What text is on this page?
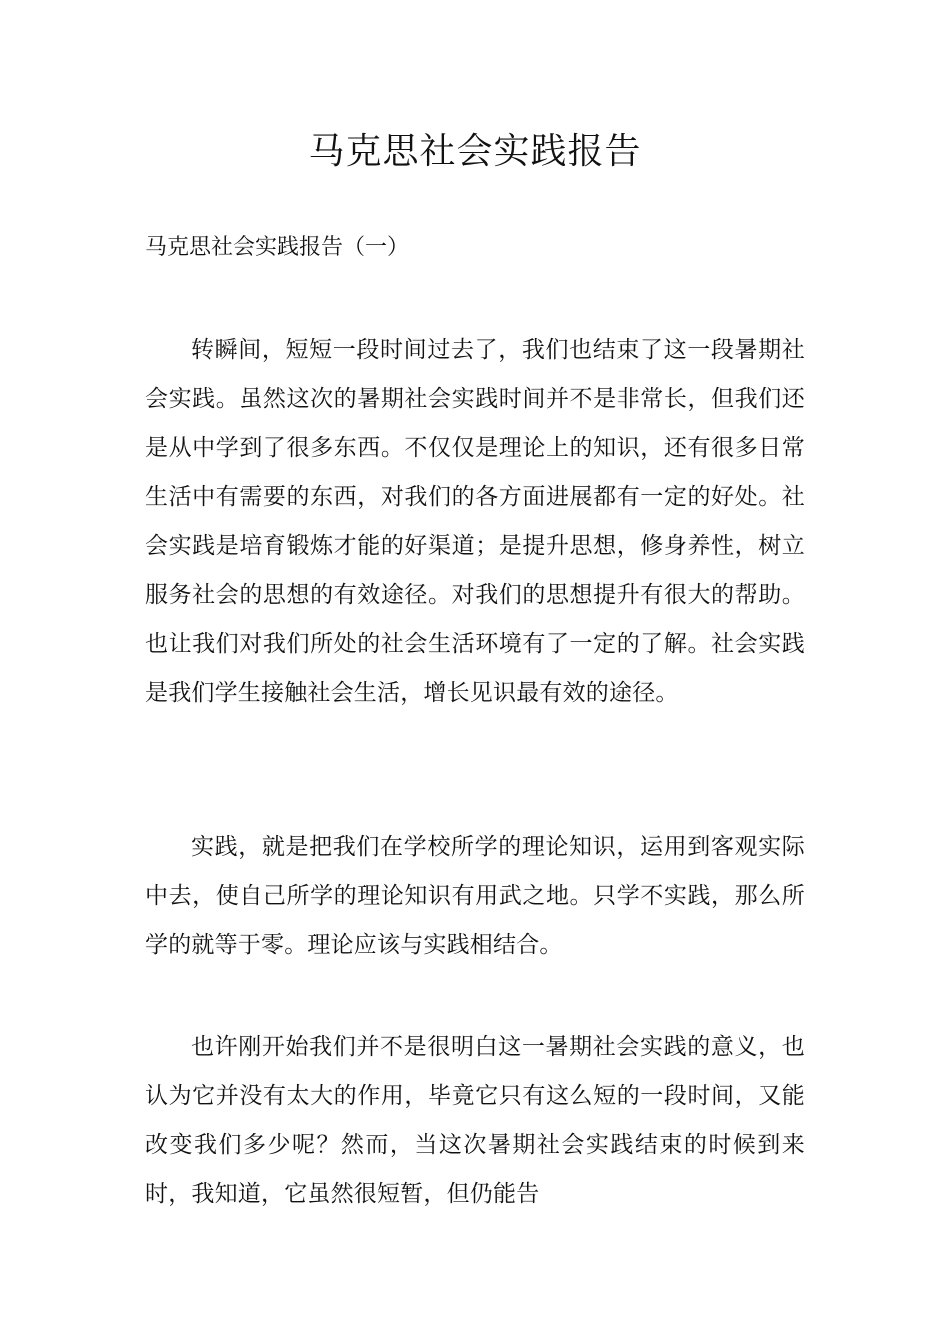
马克思社会实践报告

马克思社会实践报告（一）

转瞬间，短短一段时间过去了，我们也结束了这一段暑期社会实践。虽然这次的暑期社会实践时间并不是非常长，但我们还是从中学到了很多东西。不仅仅是理论上的知识，还有很多日常生活中有需要的东西，对我们的各方面进展都有一定的好处。社会实践是培育锻炼才能的好渠道；是提升思想，修身养性，树立服务社会的思想的有效途径。对我们的思想提升有很大的帮助。也让我们对我们所处的社会生活环境有了一定的了解。社会实践是我们学生接触社会生活，增长见识最有效的途径。

实践，就是把我们在学校所学的理论知识，运用到客观实际中去，使自己所学的理论知识有用武之地。只学不实践，那么所学的就等于零。理论应该与实践相结合。

也许刚开始我们并不是很明白这一暑期社会实践的意义，也认为它并没有太大的作用，毕竟它只有这么短的一段时间，又能改变我们多少呢？然而，当这次暑期社会实践结束的时候到来时，我知道，它虽然很短暂，但仍能告
